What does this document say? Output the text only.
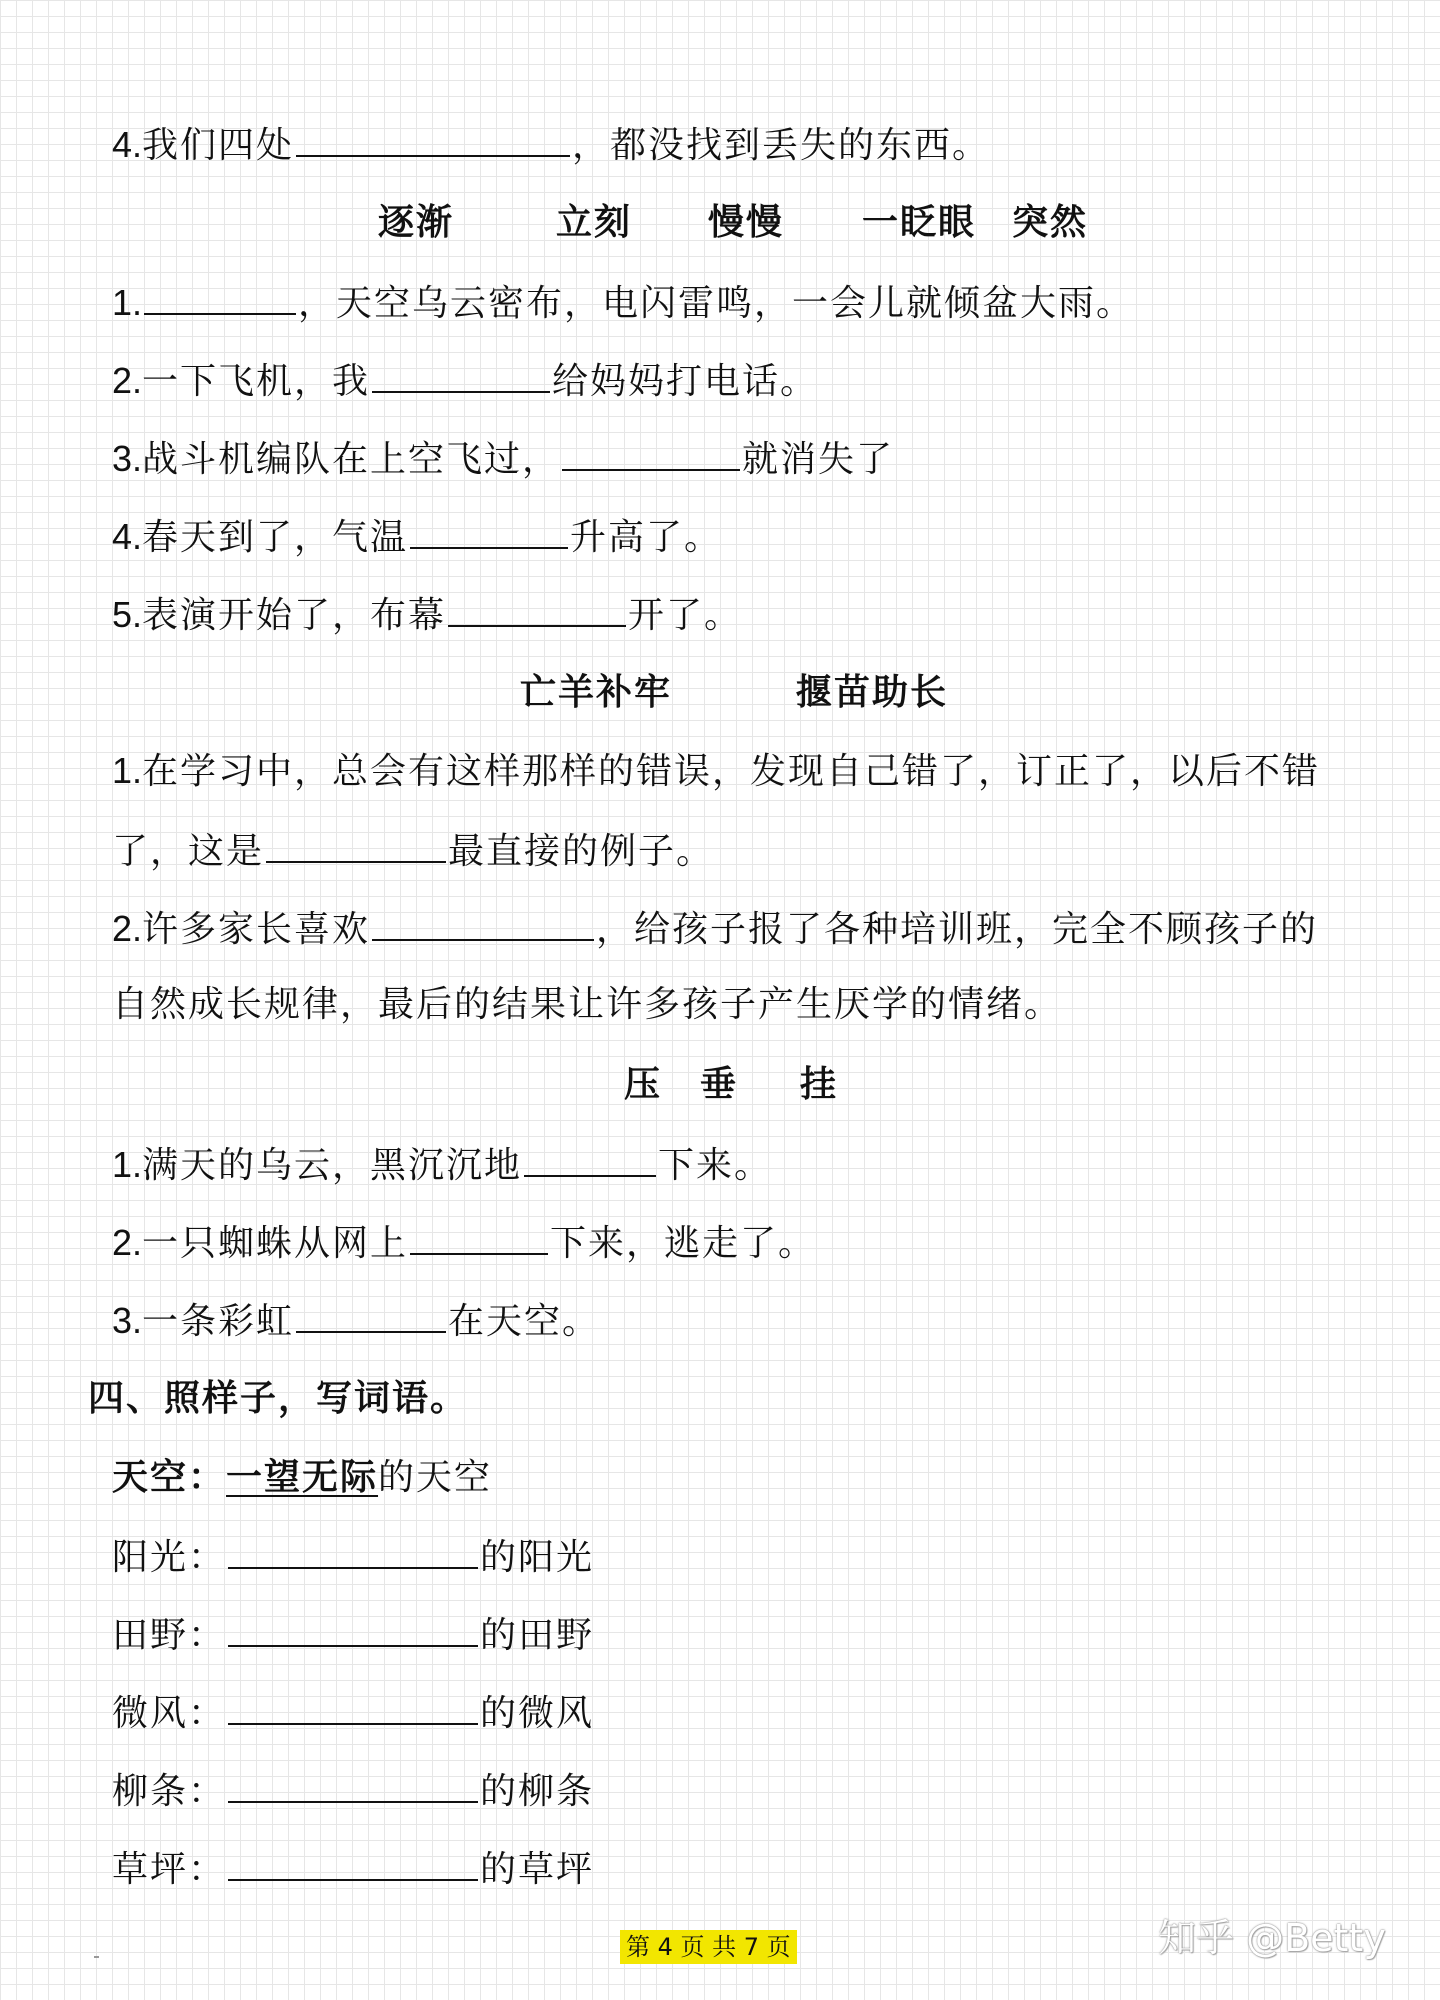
4.我们四处	，都没找到丢失的东西。
逐渐	立刻 慢慢 一眨眼 突然
1.	，天空乌云密布，电闪雷鸣，一会儿就倾盆大雨。
2.一下飞机，我	给妈妈打电话。
3.战斗机编队在上空飞过，	就消失了
4.春天到了，气温	升高了。
5.表演开始了，布幕	开了。
亡羊补牢	揠苗助长
1.在学习中，总会有这样那样的错误，发现自己错了，订正了，以后不错
了，这是	最直接的例子。
2.许多家长喜欢	，给孩子报了各种培训班，完全不顾孩子的
自然成长规律，最后的结果让许多孩子产生厌学的情绪。
压 垂 挂
1.满天的乌云，黑沉沉地	下来。
2.一只蜘蛛从网上	下来，逃走了。
3.一条彩虹	在天空。
四、照样子，写词语。
天空：一望无际的天空
阳光：	的阳光
田野：	的田野
微风：	的微风
柳条：	的柳条
草坪：	的草坪
第 4 页 共 7 页	知乎 @Betty
